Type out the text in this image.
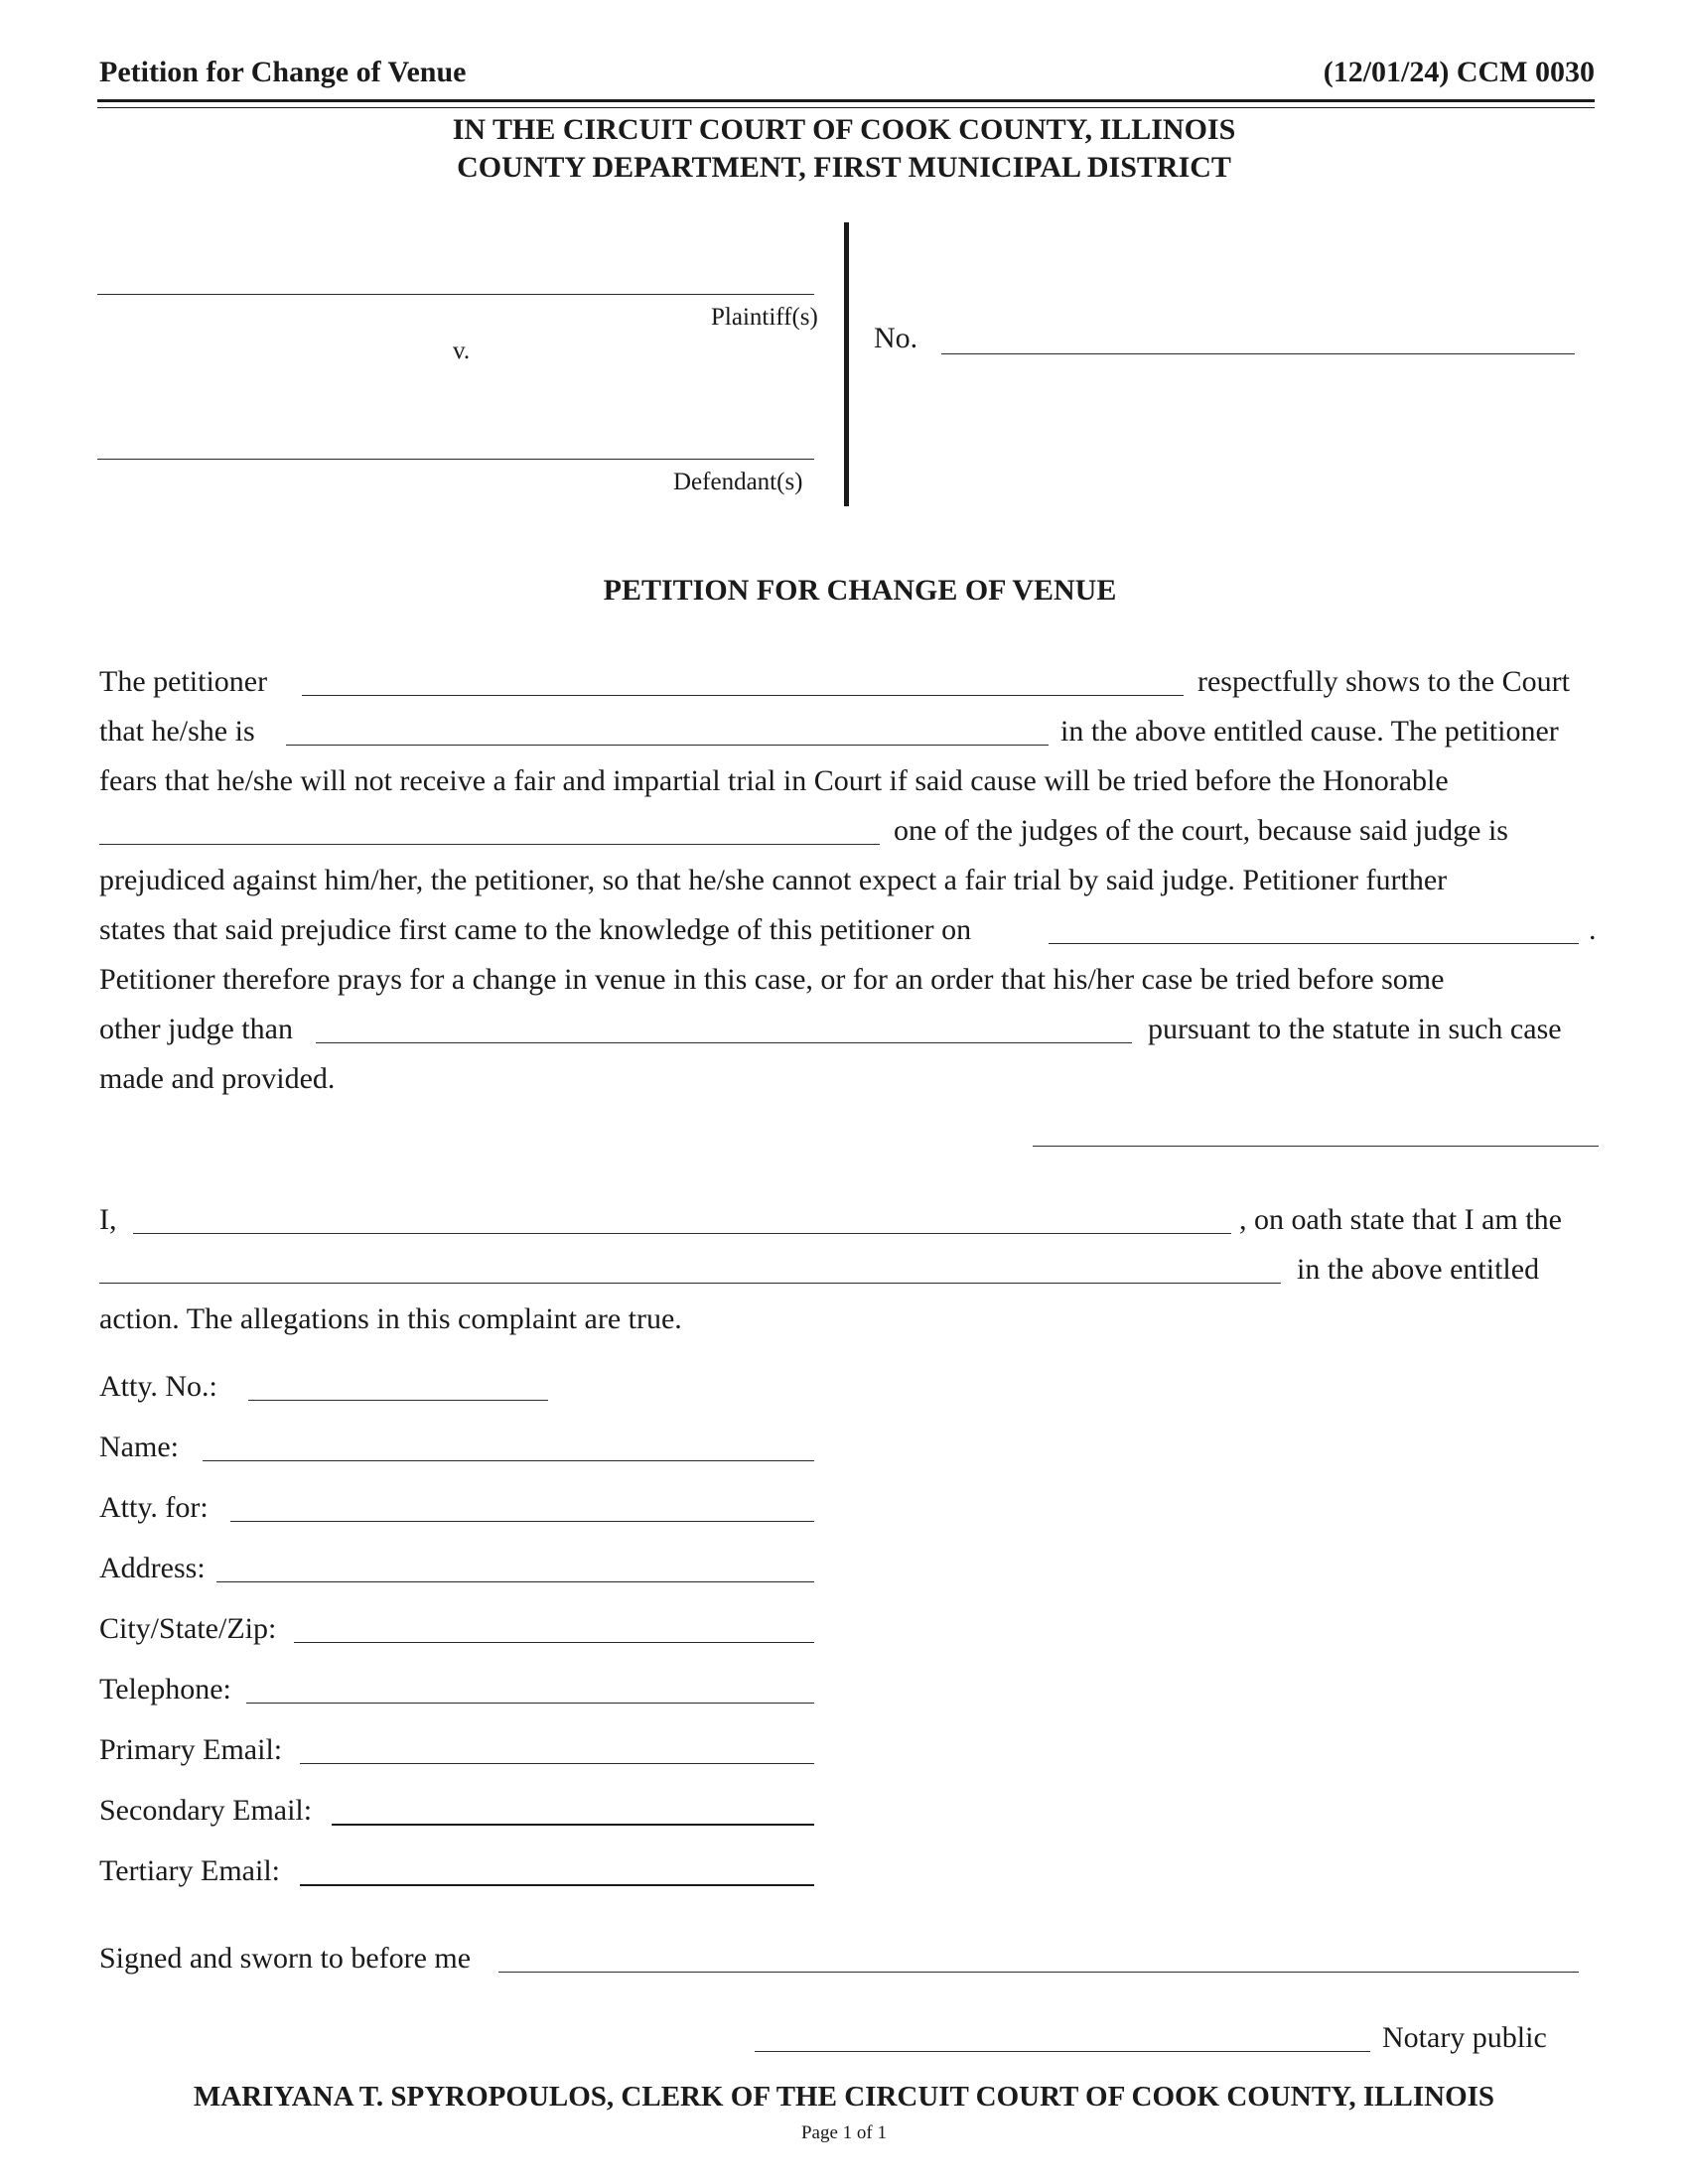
Petition for Change of Venue	(12/01/24) CCM 0030
IN THE CIRCUIT COURT OF COOK COUNTY, ILLINOIS
COUNTY DEPARTMENT, FIRST MUNICIPAL DISTRICT
Plaintiff(s)
v.
Defendant(s)
No.
PETITION FOR CHANGE OF VENUE
The petitioner	respectfully shows to the Court
that he/she is	in the above entitled cause. The petitioner
fears that he/she will not receive a fair and impartial trial in Court if said cause will be tried before the Honorable
one of the judges of the court, because said judge is
prejudiced against him/her, the petitioner, so that he/she cannot expect a fair trial by said judge. Petitioner further
states that said prejudice first came to the knowledge of this petitioner on	.
Petitioner therefore prays for a change in venue in this case, or for an order that his/her case be tried before some
other judge than	pursuant to the statute in such case
made and provided.
I,	, on oath state that I am the
in the above entitled
action. The allegations in this complaint are true.
Atty. No.:
Name:
Atty. for:
Address:
City/State/Zip:
Telephone:
Primary Email:
Secondary Email:
Tertiary Email:
Signed and sworn to before me
Notary public
MARIYANA T. SPYROPOULOS, CLERK OF THE CIRCUIT COURT OF COOK COUNTY, ILLINOIS
Page 1 of 1
